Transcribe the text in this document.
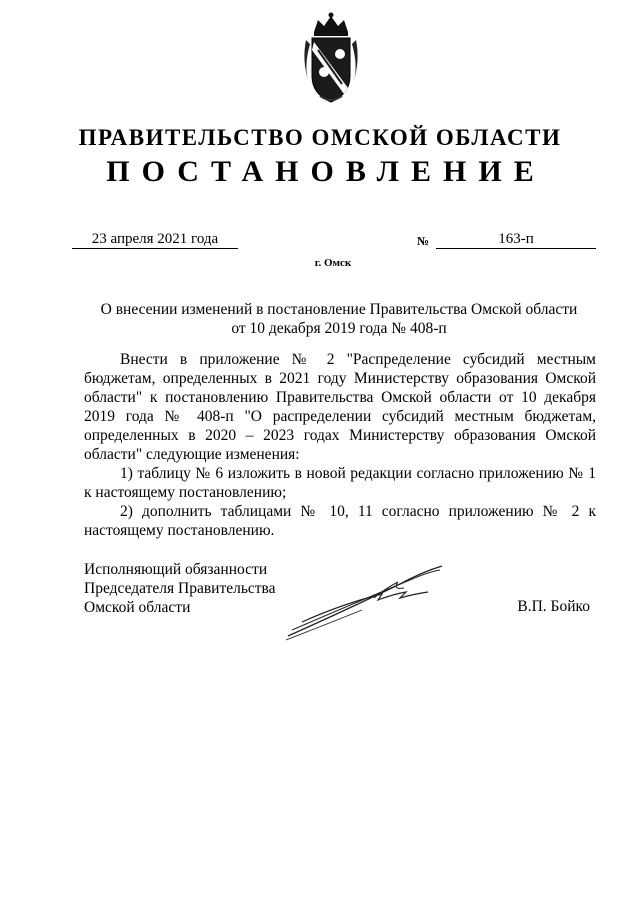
ПРАВИТЕЛЬСТВО ОМСКОЙ ОБЛАСТИ
ПОСТАНОВЛЕНИЕ
23 апреля 2021 года	№	163-п
г. Омск
О внесении изменений в постановление Правительства Омской области
от 10 декабря 2019 года № 408-п

Внести в приложение № 2 "Распределение субсидий местным бюджетам, определенных в 2021 году Министерству образования Омской области" к постановлению Правительства Омской области от 10 декабря 2019 года № 408-п "О распределении субсидий местным бюджетам, определенных в 2020 – 2023 годах Министерству образования Омской области" следующие изменения:

1) таблицу № 6 изложить в новой редакции согласно приложению № 1 к настоящему постановлению;

2) дополнить таблицами № 10, 11 согласно приложению № 2 к настоящему постановлению.

Исполняющий обязанности
Председателя Правительства
Омской области	В.П. Бойко
